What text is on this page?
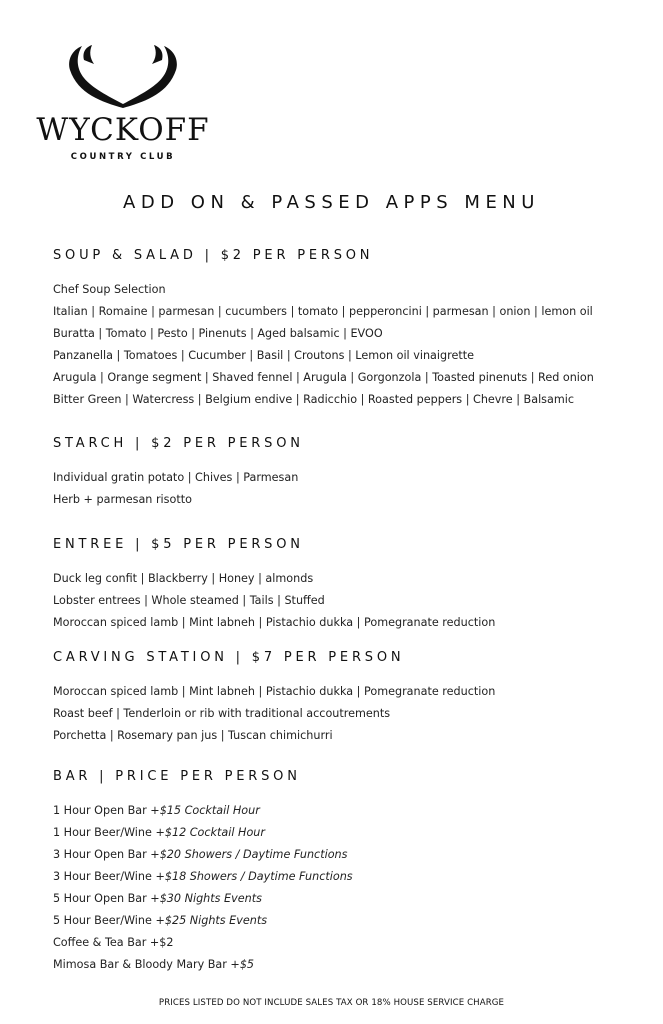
WYCKOFF
COUNTRY CLUB
ADD ON & PASSED APPS MENU
SOUP & SALAD | $2 PER PERSON
Chef Soup Selection
Italian | Romaine | parmesan | cucumbers | tomato | pepperoncini | parmesan | onion | lemon oil
Buratta | Tomato | Pesto | Pinenuts | Aged balsamic | EVOO
Panzanella | Tomatoes | Cucumber | Basil | Croutons | Lemon oil vinaigrette
Arugula | Orange segment | Shaved fennel | Arugula | Gorgonzola | Toasted pinenuts | Red onion
Bitter Green | Watercress | Belgium endive | Radicchio | Roasted peppers | Chevre | Balsamic
STARCH | $2 PER PERSON
Individual gratin potato | Chives | Parmesan
Herb + parmesan risotto
ENTREE | $5 PER PERSON
Duck leg confit | Blackberry | Honey | almonds
Lobster entrees | Whole steamed | Tails | Stuffed
Moroccan spiced lamb | Mint labneh | Pistachio dukka | Pomegranate reduction
CARVING STATION | $7 PER PERSON
Moroccan spiced lamb | Mint labneh | Pistachio dukka | Pomegranate reduction
Roast beef | Tenderloin or rib with traditional accoutrements
Porchetta | Rosemary pan jus | Tuscan chimichurri
BAR | PRICE PER PERSON
1 Hour Open Bar +$15 Cocktail Hour
1 Hour Beer/Wine +$12 Cocktail Hour
3 Hour Open Bar +$20 Showers / Daytime Functions
3 Hour Beer/Wine +$18 Showers / Daytime Functions
5 Hour Open Bar +$30 Nights Events
5 Hour Beer/Wine +$25 Nights Events
Coffee & Tea Bar +$2
Mimosa Bar & Bloody Mary Bar +$5
PRICES LISTED DO NOT INCLUDE SALES TAX OR 18% HOUSE SERVICE CHARGE
